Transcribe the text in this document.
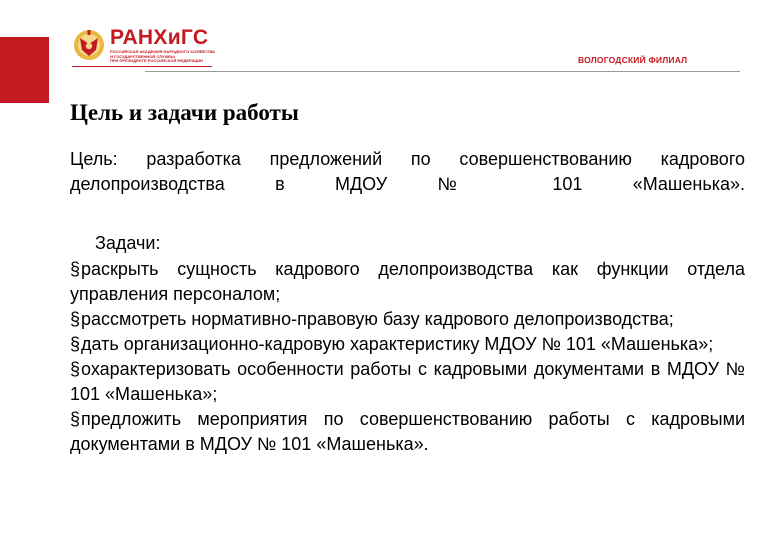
РАНХиГС
РОССИЙСКАЯ АКАДЕМИЯ НАРОДНОГО ХОЗЯЙСТВА
И ГОСУДАРСТВЕННОЙ СЛУЖБЫ
ПРИ ПРЕЗИДЕНТЕ РОССИЙСКОЙ ФЕДЕРАЦИИ	ВОЛОГОДСКИЙ ФИЛИАЛ
Цель и задачи работы
Цель: разработка предложений по совершенствованию кадрового делопроизводства в МДОУ № 101 «Машенька».
Задачи:
§раскрыть сущность кадрового делопроизводства как функции отдела управления персоналом;
§рассмотреть нормативно-правовую базу кадрового делопроизводства;
§дать организационно-кадровую характеристику МДОУ № 101 «Машенька»;
§охарактеризовать особенности работы с кадровыми документами в МДОУ № 101 «Машенька»;
§предложить мероприятия по совершенствованию работы с кадровыми документами в МДОУ № 101 «Машенька».
